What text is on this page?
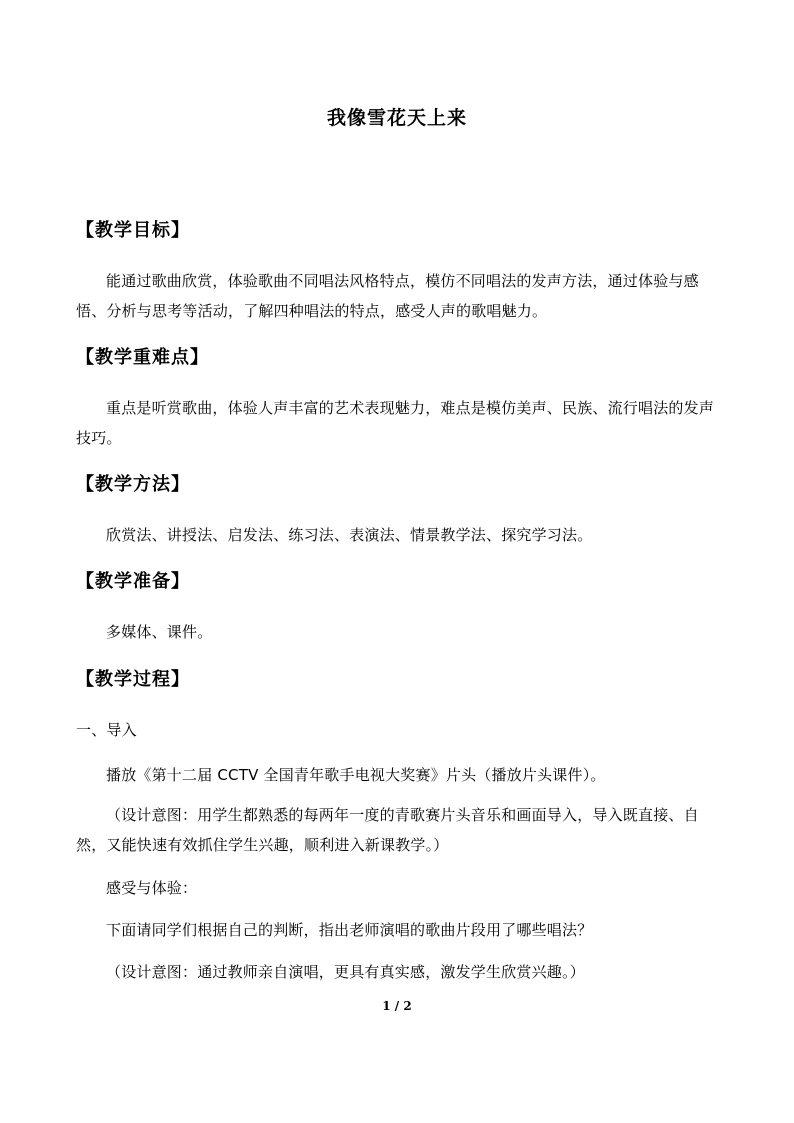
我像雪花天上来
【教学目标】
能通过歌曲欣赏，体验歌曲不同唱法风格特点，模仿不同唱法的发声方法，通过体验与感悟、分析与思考等活动，了解四种唱法的特点，感受人声的歌唱魅力。
【教学重难点】
重点是听赏歌曲，体验人声丰富的艺术表现魅力，难点是模仿美声、民族、流行唱法的发声技巧。
【教学方法】
欣赏法、讲授法、启发法、练习法、表演法、情景教学法、探究学习法。
【教学准备】
多媒体、课件。
【教学过程】
一、导入
播放《第十二届 CCTV 全国青年歌手电视大奖赛》片头（播放片头课件）。
（设计意图：用学生都熟悉的每两年一度的青歌赛片头音乐和画面导入，导入既直接、自然，又能快速有效抓住学生兴趣，顺利进入新课教学。）
感受与体验：
下面请同学们根据自己的判断，指出老师演唱的歌曲片段用了哪些唱法？
（设计意图：通过教师亲自演唱，更具有真实感，激发学生欣赏兴趣。）
1 / 2
